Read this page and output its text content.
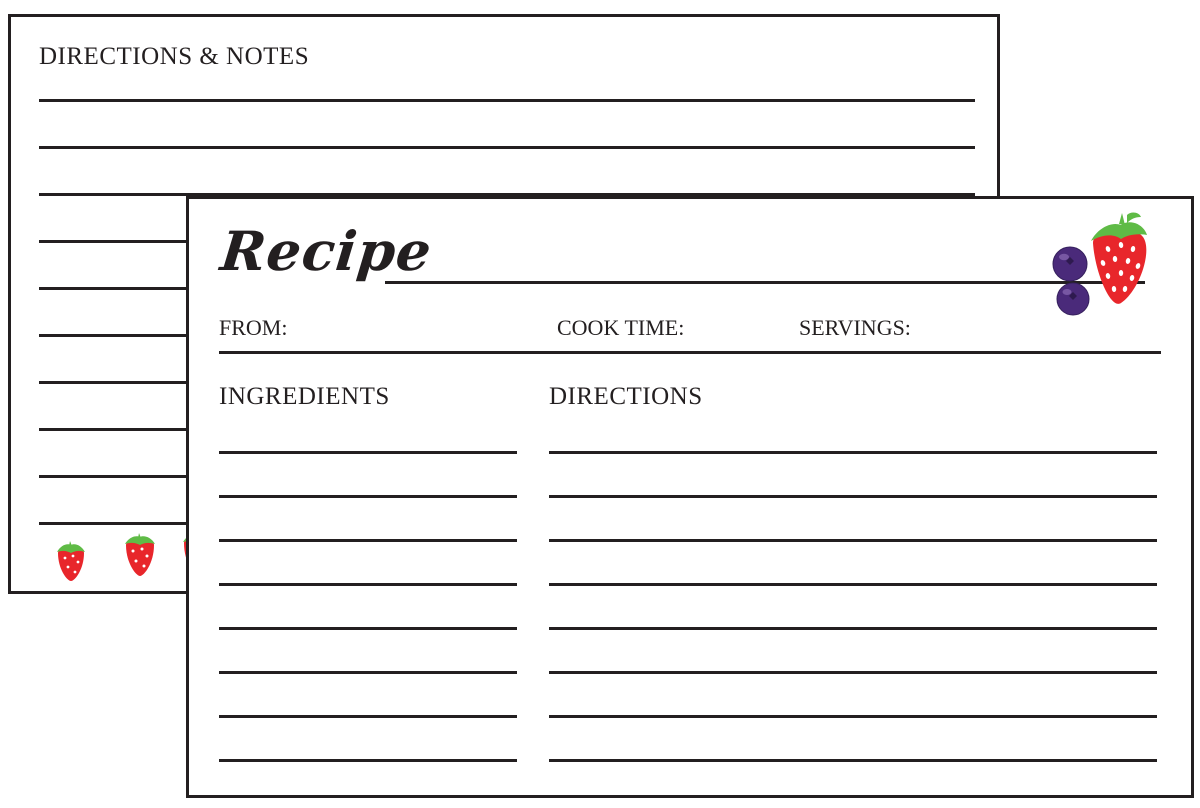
DIRECTIONS & NOTES
Recipe
FROM:	COOK TIME:	SERVINGS:
INGREDIENTS	DIRECTIONS
